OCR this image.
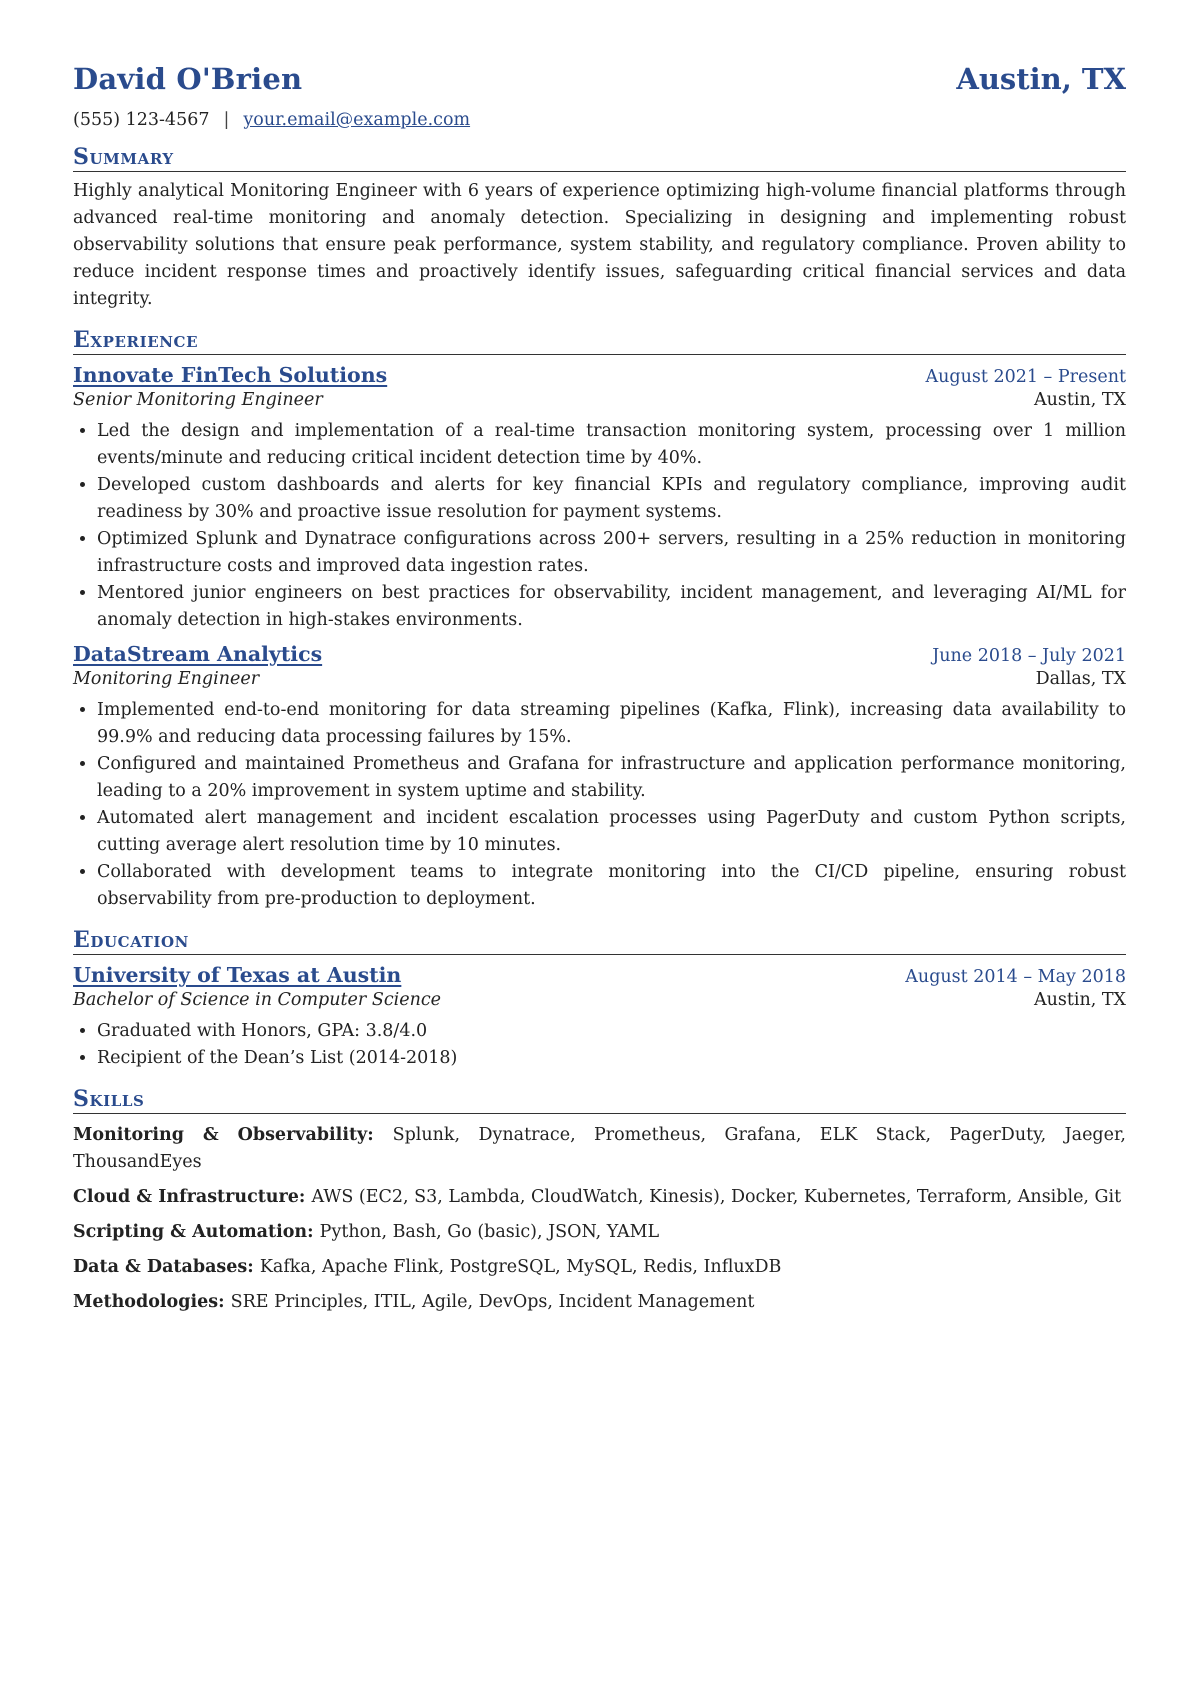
David O'Brien	Austin, TX
(555) 123-4567 | your.email@example.com
Summary
Highly analytical Monitoring Engineer with 6 years of experience optimizing high-volume financial platforms through advanced real-time monitoring and anomaly detection. Specializing in designing and implementing robust observability solutions that ensure peak performance, system stability, and regulatory compliance. Proven ability to reduce incident response times and proactively identify issues, safeguarding critical financial services and data integrity.
Experience
Innovate FinTech Solutions	August 2021 – Present
Senior Monitoring Engineer	Austin, TX
• Led the design and implementation of a real-time transaction monitoring system, processing over 1 million events/minute and reducing critical incident detection time by 40%.
• Developed custom dashboards and alerts for key financial KPIs and regulatory compliance, improving audit readiness by 30% and proactive issue resolution for payment systems.
• Optimized Splunk and Dynatrace configurations across 200+ servers, resulting in a 25% reduction in monitoring infrastructure costs and improved data ingestion rates.
• Mentored junior engineers on best practices for observability, incident management, and leveraging AI/ML for anomaly detection in high-stakes environments.
DataStream Analytics	June 2018 – July 2021
Monitoring Engineer	Dallas, TX
• Implemented end-to-end monitoring for data streaming pipelines (Kafka, Flink), increasing data availability to 99.9% and reducing data processing failures by 15%.
• Configured and maintained Prometheus and Grafana for infrastructure and application performance monitoring, leading to a 20% improvement in system uptime and stability.
• Automated alert management and incident escalation processes using PagerDuty and custom Python scripts, cutting average alert resolution time by 10 minutes.
• Collaborated with development teams to integrate monitoring into the CI/CD pipeline, ensuring robust observability from pre-production to deployment.
Education
University of Texas at Austin	August 2014 – May 2018
Bachelor of Science in Computer Science	Austin, TX
• Graduated with Honors, GPA: 3.8/4.0
• Recipient of the Dean’s List (2014-2018)
Skills
Monitoring & Observability: Splunk, Dynatrace, Prometheus, Grafana, ELK Stack, PagerDuty, Jaeger, ThousandEyes
Cloud & Infrastructure: AWS (EC2, S3, Lambda, CloudWatch, Kinesis), Docker, Kubernetes, Terraform, Ansible, Git
Scripting & Automation: Python, Bash, Go (basic), JSON, YAML
Data & Databases: Kafka, Apache Flink, PostgreSQL, MySQL, Redis, InfluxDB
Methodologies: SRE Principles, ITIL, Agile, DevOps, Incident Management
